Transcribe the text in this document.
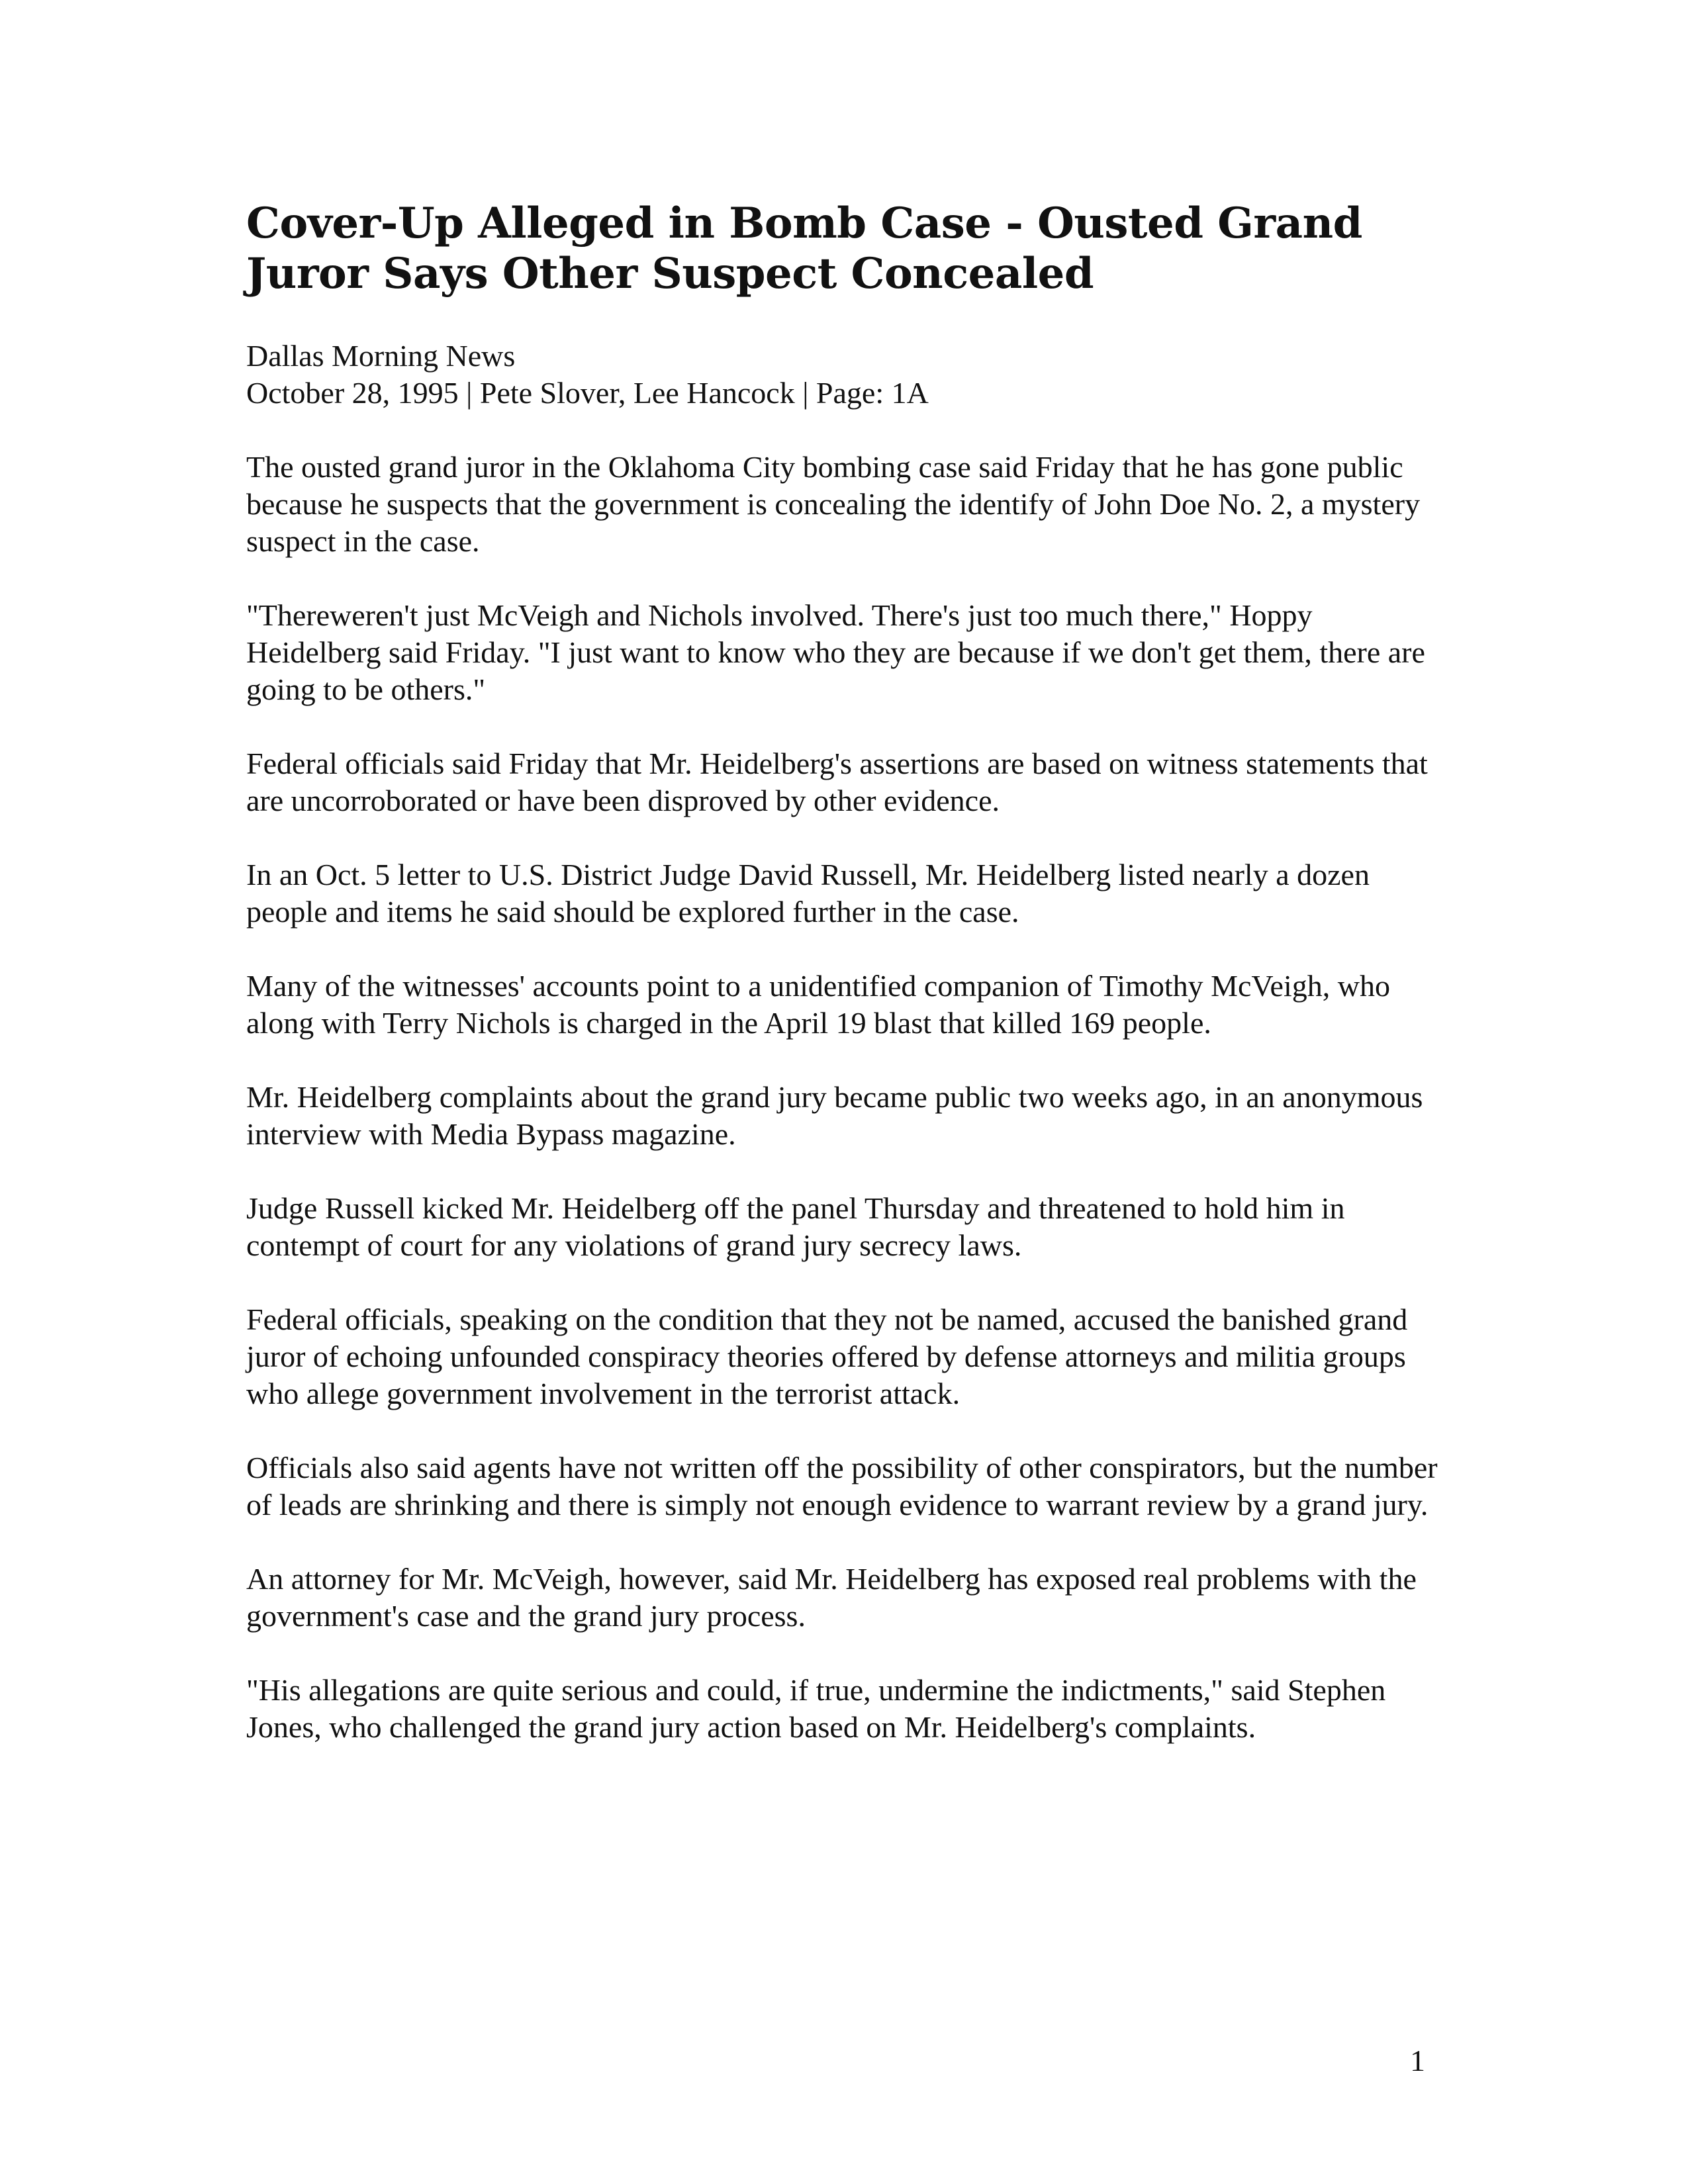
Cover-Up Alleged in Bomb Case - Ousted Grand
Juror Says Other Suspect Concealed
Dallas Morning News
October 28, 1995 | Pete Slover, Lee Hancock | Page: 1A

The ousted grand juror in the Oklahoma City bombing case said Friday that he has gone public because he suspects that the government is concealing the identify of John Doe No. 2, a mystery suspect in the case.

"Thereweren't just McVeigh and Nichols involved. There's just too much there," Hoppy Heidelberg said Friday. "I just want to know who they are because if we don't get them, there are going to be others."

Federal officials said Friday that Mr. Heidelberg's assertions are based on witness statements that are uncorroborated or have been disproved by other evidence.

In an Oct. 5 letter to U.S. District Judge David Russell, Mr. Heidelberg listed nearly a dozen people and items he said should be explored further in the case.

Many of the witnesses' accounts point to a unidentified companion of Timothy McVeigh, who along with Terry Nichols is charged in the April 19 blast that killed 169 people.

Mr. Heidelberg complaints about the grand jury became public two weeks ago, in an anonymous interview with Media Bypass magazine.

Judge Russell kicked Mr. Heidelberg off the panel Thursday and threatened to hold him in contempt of court for any violations of grand jury secrecy laws.

Federal officials, speaking on the condition that they not be named, accused the banished grand juror of echoing unfounded conspiracy theories offered by defense attorneys and militia groups who allege government involvement in the terrorist attack.

Officials also said agents have not written off the possibility of other conspirators, but the number of leads are shrinking and there is simply not enough evidence to warrant review by a grand jury.

An attorney for Mr. McVeigh, however, said Mr. Heidelberg has exposed real problems with the government's case and the grand jury process.

"His allegations are quite serious and could, if true, undermine the indictments," said Stephen Jones, who challenged the grand jury action based on Mr. Heidelberg's complaints.

1
